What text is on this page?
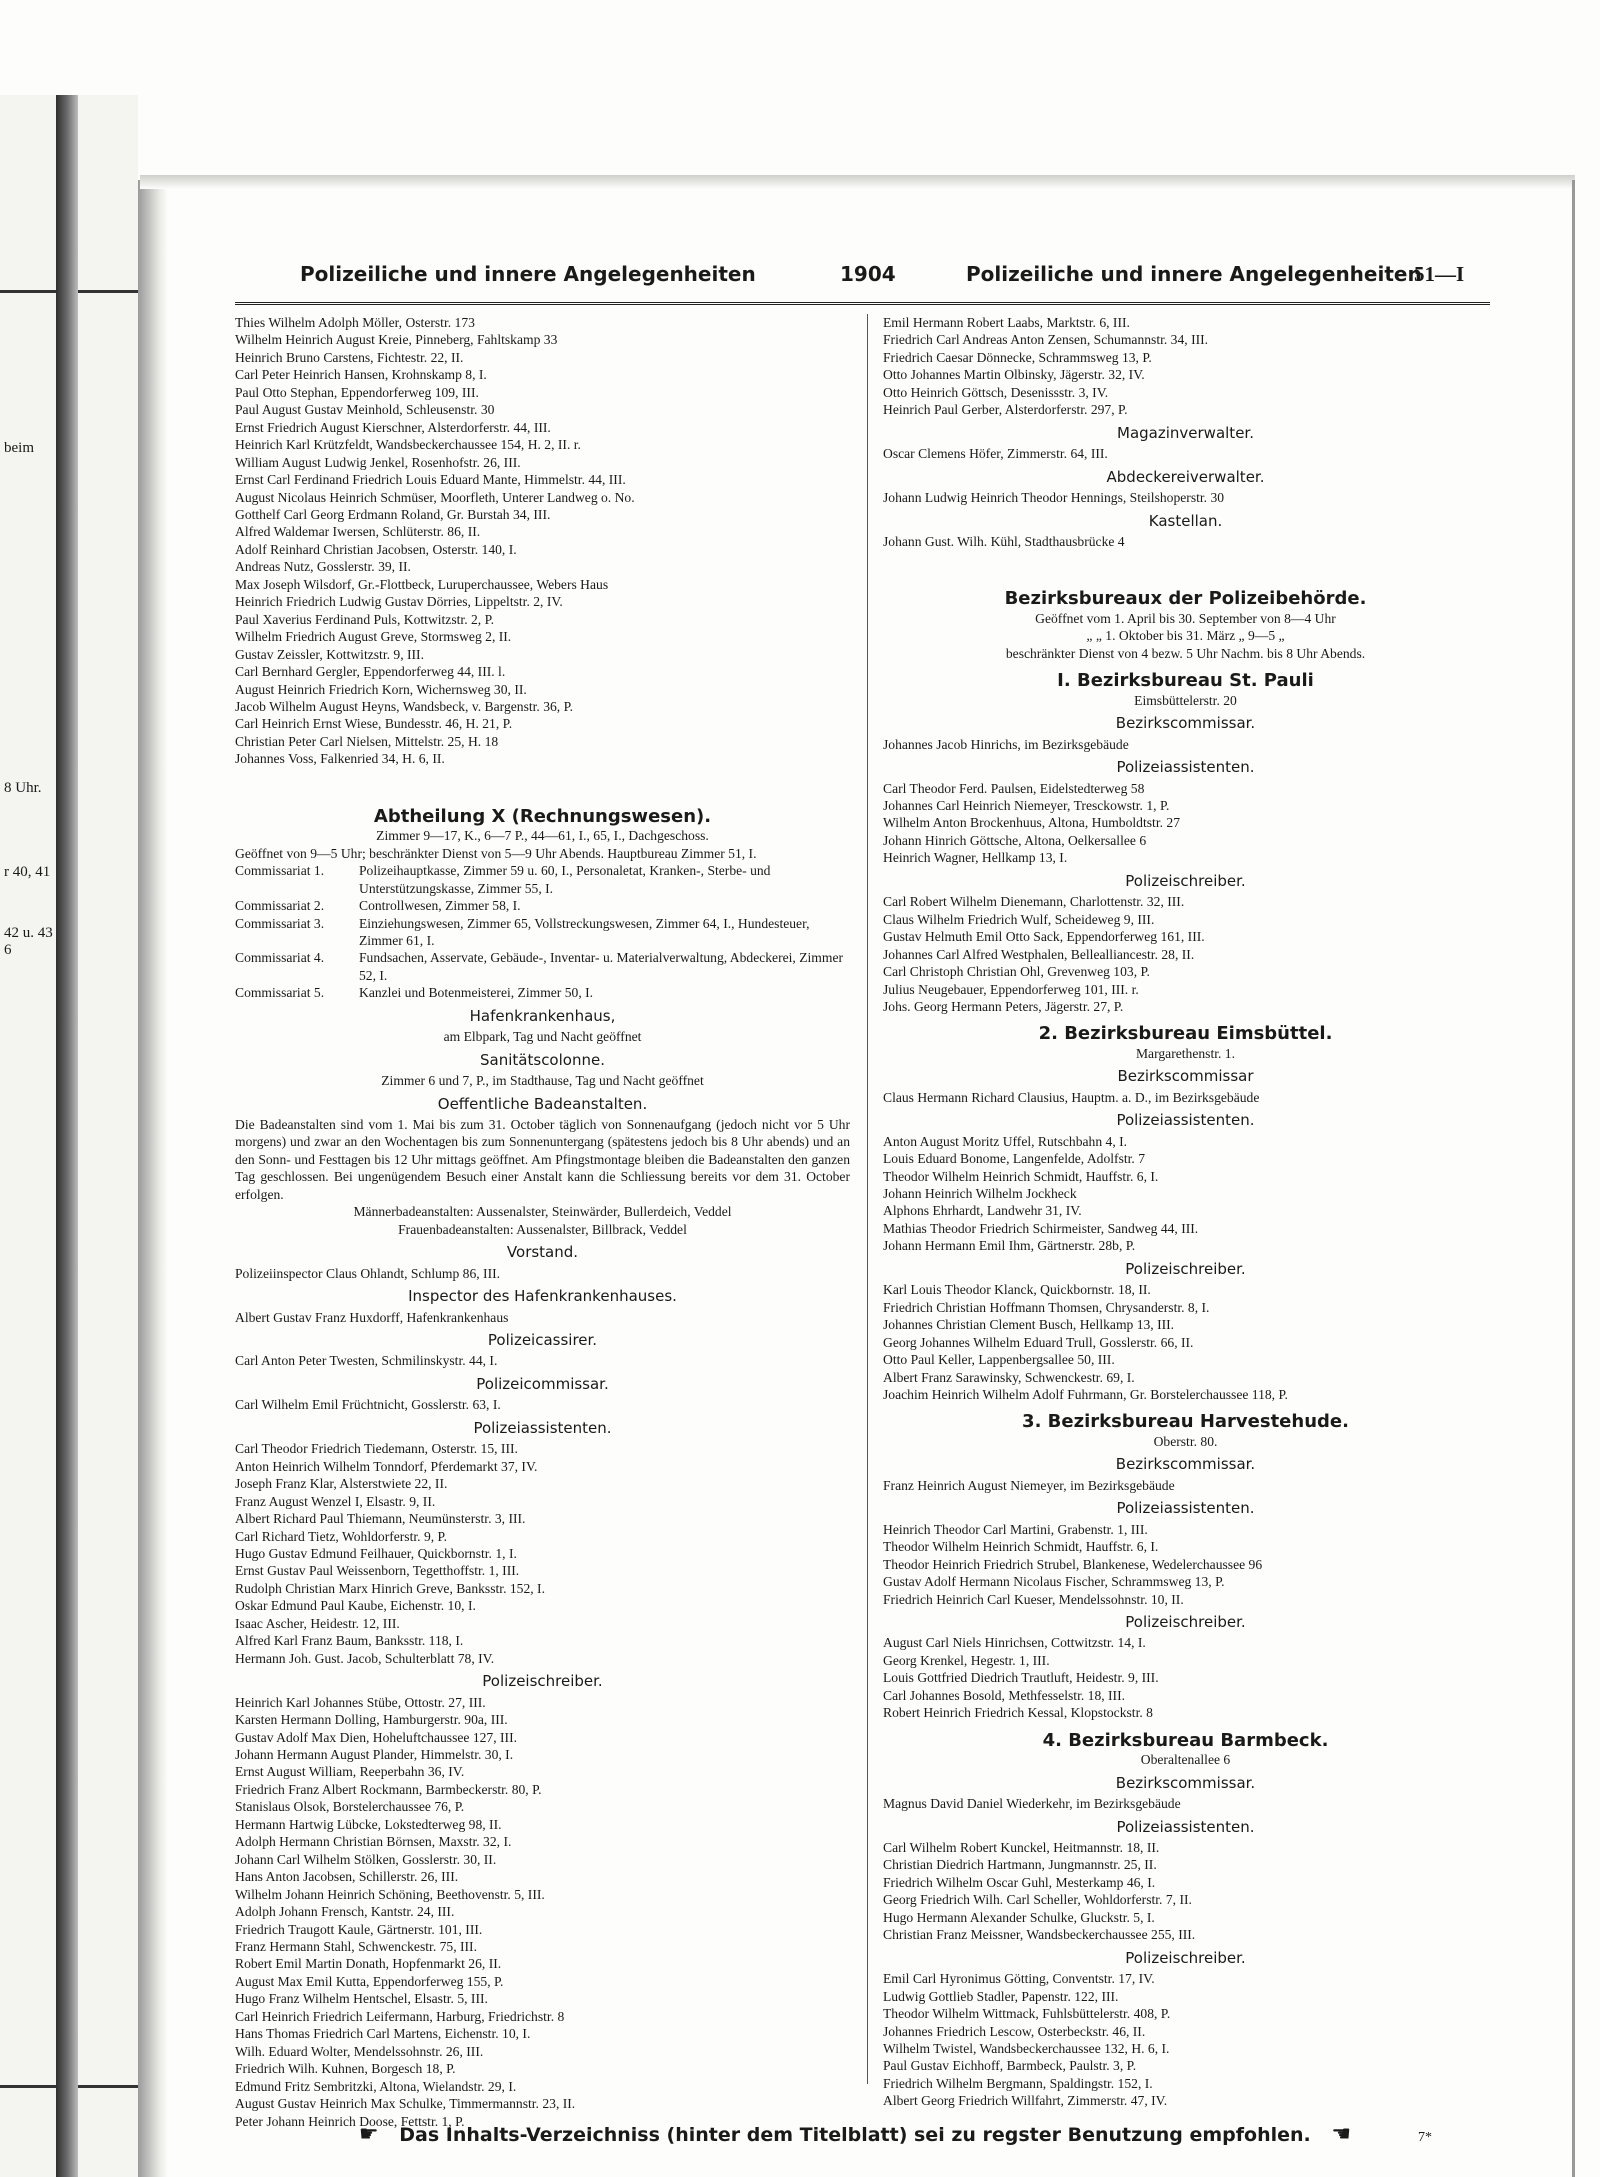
beim
8 Uhr.
r 40, 41
42 u. 43
6
Polizeiliche und innere Angelegenheiten	1904	Polizeiliche und innere Angelegenheiten
51—I
Thies Wilhelm Adolph Möller, Osterstr. 173
Wilhelm Heinrich August Kreie, Pinneberg, Fahltskamp 33
Heinrich Bruno Carstens, Fichtestr. 22, II.
Carl Peter Heinrich Hansen, Krohnskamp 8, I.
Paul Otto Stephan, Eppendorferweg 109, III.
Paul August Gustav Meinhold, Schleusenstr. 30
Ernst Friedrich August Kierschner, Alsterdorferstr. 44, III.
Heinrich Karl Krützfeldt, Wandsbeckerchaussee 154, H. 2, II. r.
William August Ludwig Jenkel, Rosenhofstr. 26, III.
Ernst Carl Ferdinand Friedrich Louis Eduard Mante, Himmelstr. 44, III.
August Nicolaus Heinrich Schmüser, Moorfleth, Unterer Landweg o. No.
Gotthelf Carl Georg Erdmann Roland, Gr. Burstah 34, III.
Alfred Waldemar Iwersen, Schlüterstr. 86, II.
Adolf Reinhard Christian Jacobsen, Osterstr. 140, I.
Andreas Nutz, Gosslerstr. 39, II.
Max Joseph Wilsdorf, Gr.-Flottbeck, Luruperchaussee, Webers Haus
Heinrich Friedrich Ludwig Gustav Dörries, Lippeltstr. 2, IV.
Paul Xaverius Ferdinand Puls, Kottwitzstr. 2, P.
Wilhelm Friedrich August Greve, Stormsweg 2, II.
Gustav Zeissler, Kottwitzstr. 9, III.
Carl Bernhard Gergler, Eppendorferweg 44, III. l.
August Heinrich Friedrich Korn, Wichernsweg 30, II.
Jacob Wilhelm August Heyns, Wandsbeck, v. Bargenstr. 36, P.
Carl Heinrich Ernst Wiese, Bundesstr. 46, H. 21, P.
Christian Peter Carl Nielsen, Mittelstr. 25, H. 18
Johannes Voss, Falkenried 34, H. 6, II.
Abtheilung X (Rechnungswesen).
Zimmer 9—17, K., 6—7 P., 44—61, I., 65, I., Dachgeschoss.
Geöffnet von 9—5 Uhr; beschränkter Dienst von 5—9 Uhr Abends. Hauptbureau Zimmer 51, I.
Commissariat 1.	Polizeihauptkasse, Zimmer 59 u. 60, I., Personaletat, Kranken-, Sterbe- und Unterstützungskasse, Zimmer 55, I.
Commissariat 2.	Controllwesen, Zimmer 58, I.
Commissariat 3.	Einziehungswesen, Zimmer 65, Vollstreckungswesen, Zimmer 64, I., Hundesteuer, Zimmer 61, I.
Commissariat 4.	Fundsachen, Asservate, Gebäude-, Inventar- u. Materialverwaltung, Abdeckerei, Zimmer 52, I.
Commissariat 5.	Kanzlei und Botenmeisterei, Zimmer 50, I.
Hafenkrankenhaus,
am Elbpark, Tag und Nacht geöffnet
Sanitätscolonne.
Zimmer 6 und 7, P., im Stadthause, Tag und Nacht geöffnet
Oeffentliche Badeanstalten.
Die Badeanstalten sind vom 1. Mai bis zum 31. October täglich von Sonnenaufgang (jedoch nicht vor 5 Uhr morgens) und zwar an den Wochentagen bis zum Sonnenuntergang (spätestens jedoch bis 8 Uhr abends) und an den Sonn- und Festtagen bis 12 Uhr mittags geöffnet. Am Pfingstmontage bleiben die Badeanstalten den ganzen Tag geschlossen. Bei ungenügendem Besuch einer Anstalt kann die Schliessung bereits vor dem 31. October erfolgen.
Männerbadeanstalten: Aussenalster, Steinwärder, Bullerdeich, Veddel
Frauenbadeanstalten: Aussenalster, Billbrack, Veddel
Vorstand.
Polizeiinspector Claus Ohlandt, Schlump 86, III.
Inspector des Hafenkrankenhauses.
Albert Gustav Franz Huxdorff, Hafenkrankenhaus
Polizeicassirer.
Carl Anton Peter Twesten, Schmilinskystr. 44, I.
Polizeicommissar.
Carl Wilhelm Emil Früchtnicht, Gosslerstr. 63, I.
Polizeiassistenten.
Carl Theodor Friedrich Tiedemann, Osterstr. 15, III.
Anton Heinrich Wilhelm Tonndorf, Pferdemarkt 37, IV.
Joseph Franz Klar, Alsterstwiete 22, II.
Franz August Wenzel I, Elsastr. 9, II.
Albert Richard Paul Thiemann, Neumünsterstr. 3, III.
Carl Richard Tietz, Wohldorferstr. 9, P.
Hugo Gustav Edmund Feilhauer, Quickbornstr. 1, I.
Ernst Gustav Paul Weissenborn, Tegetthoffstr. 1, III.
Rudolph Christian Marx Hinrich Greve, Banksstr. 152, I.
Oskar Edmund Paul Kaube, Eichenstr. 10, I.
Isaac Ascher, Heidestr. 12, III.
Alfred Karl Franz Baum, Banksstr. 118, I.
Hermann Joh. Gust. Jacob, Schulterblatt 78, IV.
Polizeischreiber.
Heinrich Karl Johannes Stübe, Ottostr. 27, III.
Karsten Hermann Dolling, Hamburgerstr. 90a, III.
Gustav Adolf Max Dien, Hoheluftchaussee 127, III.
Johann Hermann August Plander, Himmelstr. 30, I.
Ernst August William, Reeperbahn 36, IV.
Friedrich Franz Albert Rockmann, Barmbeckerstr. 80, P.
Stanislaus Olsok, Borstelerchaussee 76, P.
Hermann Hartwig Lübcke, Lokstedterweg 98, II.
Adolph Hermann Christian Börnsen, Maxstr. 32, I.
Johann Carl Wilhelm Stölken, Gosslerstr. 30, II.
Hans Anton Jacobsen, Schillerstr. 26, III.
Wilhelm Johann Heinrich Schöning, Beethovenstr. 5, III.
Adolph Johann Frensch, Kantstr. 24, III.
Friedrich Traugott Kaule, Gärtnerstr. 101, III.
Franz Hermann Stahl, Schwenckestr. 75, III.
Robert Emil Martin Donath, Hopfenmarkt 26, II.
August Max Emil Kutta, Eppendorferweg 155, P.
Hugo Franz Wilhelm Hentschel, Elsastr. 5, III.
Carl Heinrich Friedrich Leifermann, Harburg, Friedrichstr. 8
Hans Thomas Friedrich Carl Martens, Eichenstr. 10, I.
Wilh. Eduard Wolter, Mendelssohnstr. 26, III.
Friedrich Wilh. Kuhnen, Borgesch 18, P.
Edmund Fritz Sembritzki, Altona, Wielandstr. 29, I.
August Gustav Heinrich Max Schulke, Timmermannstr. 23, II.
Peter Johann Heinrich Doose, Fettstr. 1, P.
Emil Hermann Robert Laabs, Marktstr. 6, III.
Friedrich Carl Andreas Anton Zensen, Schumannstr. 34, III.
Friedrich Caesar Dönnecke, Schrammsweg 13, P.
Otto Johannes Martin Olbinsky, Jägerstr. 32, IV.
Otto Heinrich Göttsch, Desenissstr. 3, IV.
Heinrich Paul Gerber, Alsterdorferstr. 297, P.
Magazinverwalter.
Oscar Clemens Höfer, Zimmerstr. 64, III.
Abdeckereiverwalter.
Johann Ludwig Heinrich Theodor Hennings, Steilshoperstr. 30
Kastellan.
Johann Gust. Wilh. Kühl, Stadthausbrücke 4
Bezirksbureaux der Polizeibehörde.
Geöffnet vom 1. April bis 30. September von 8—4 Uhr
„ „ 1. Oktober bis 31. März „ 9—5 „
beschränkter Dienst von 4 bezw. 5 Uhr Nachm. bis 8 Uhr Abends.
I. Bezirksbureau St. Pauli
Eimsbüttelerstr. 20
Bezirkscommissar.
Johannes Jacob Hinrichs, im Bezirksgebäude
Polizeiassistenten.
Carl Theodor Ferd. Paulsen, Eidelstedterweg 58
Johannes Carl Heinrich Niemeyer, Tresckowstr. 1, P.
Wilhelm Anton Brockenhuus, Altona, Humboldtstr. 27
Johann Hinrich Göttsche, Altona, Oelkersallee 6
Heinrich Wagner, Hellkamp 13, I.
Polizeischreiber.
Carl Robert Wilhelm Dienemann, Charlottenstr. 32, III.
Claus Wilhelm Friedrich Wulf, Scheideweg 9, III.
Gustav Helmuth Emil Otto Sack, Eppendorferweg 161, III.
Johannes Carl Alfred Westphalen, Bellealliancestr. 28, II.
Carl Christoph Christian Ohl, Grevenweg 103, P.
Julius Neugebauer, Eppendorferweg 101, III. r.
Johs. Georg Hermann Peters, Jägerstr. 27, P.
2. Bezirksbureau Eimsbüttel.
Margarethenstr. 1.
Bezirkscommissar
Claus Hermann Richard Clausius, Hauptm. a. D., im Bezirksgebäude
Polizeiassistenten.
Anton August Moritz Uffel, Rutschbahn 4, I.
Louis Eduard Bonome, Langenfelde, Adolfstr. 7
Theodor Wilhelm Heinrich Schmidt, Hauffstr. 6, I.
Johann Heinrich Wilhelm Jockheck
Alphons Ehrhardt, Landwehr 31, IV.
Mathias Theodor Friedrich Schirmeister, Sandweg 44, III.
Johann Hermann Emil Ihm, Gärtnerstr. 28b, P.
Polizeischreiber.
Karl Louis Theodor Klanck, Quickbornstr. 18, II.
Friedrich Christian Hoffmann Thomsen, Chrysanderstr. 8, I.
Johannes Christian Clement Busch, Hellkamp 13, III.
Georg Johannes Wilhelm Eduard Trull, Gosslerstr. 66, II.
Otto Paul Keller, Lappenbergsallee 50, III.
Albert Franz Sarawinsky, Schwenckestr. 69, I.
Joachim Heinrich Wilhelm Adolf Fuhrmann, Gr. Borstelerchaussee 118, P.
3. Bezirksbureau Harvestehude.
Oberstr. 80.
Bezirkscommissar.
Franz Heinrich August Niemeyer, im Bezirksgebäude
Polizeiassistenten.
Heinrich Theodor Carl Martini, Grabenstr. 1, III.
Theodor Wilhelm Heinrich Schmidt, Hauffstr. 6, I.
Theodor Heinrich Friedrich Strubel, Blankenese, Wedelerchaussee 96
Gustav Adolf Hermann Nicolaus Fischer, Schrammsweg 13, P.
Friedrich Heinrich Carl Kueser, Mendelssohnstr. 10, II.
Polizeischreiber.
August Carl Niels Hinrichsen, Cottwitzstr. 14, I.
Georg Krenkel, Hegestr. 1, III.
Louis Gottfried Diedrich Trautluft, Heidestr. 9, III.
Carl Johannes Bosold, Methfesselstr. 18, III.
Robert Heinrich Friedrich Kessal, Klopstockstr. 8
4. Bezirksbureau Barmbeck.
Oberaltenallee 6
Bezirkscommissar.
Magnus David Daniel Wiederkehr, im Bezirksgebäude
Polizeiassistenten.
Carl Wilhelm Robert Kunckel, Heitmannstr. 18, II.
Christian Diedrich Hartmann, Jungmannstr. 25, II.
Friedrich Wilhelm Oscar Guhl, Mesterkamp 46, I.
Georg Friedrich Wilh. Carl Scheller, Wohldorferstr. 7, II.
Hugo Hermann Alexander Schulke, Gluckstr. 5, I.
Christian Franz Meissner, Wandsbeckerchaussee 255, III.
Polizeischreiber.
Emil Carl Hyronimus Götting, Conventstr. 17, IV.
Ludwig Gottlieb Stadler, Papenstr. 122, III.
Theodor Wilhelm Wittmack, Fuhlsbüttelerstr. 408, P.
Johannes Friedrich Lescow, Osterbeckstr. 46, II.
Wilhelm Twistel, Wandsbeckerchaussee 132, H. 6, I.
Paul Gustav Eichhoff, Barmbeck, Paulstr. 3, P.
Friedrich Wilhelm Bergmann, Spaldingstr. 152, I.
Albert Georg Friedrich Willfahrt, Zimmerstr. 47, IV.
☛ Das Inhalts-Verzeichniss (hinter dem Titelblatt) sei zu regster Benutzung empfohlen. ☚	7*
